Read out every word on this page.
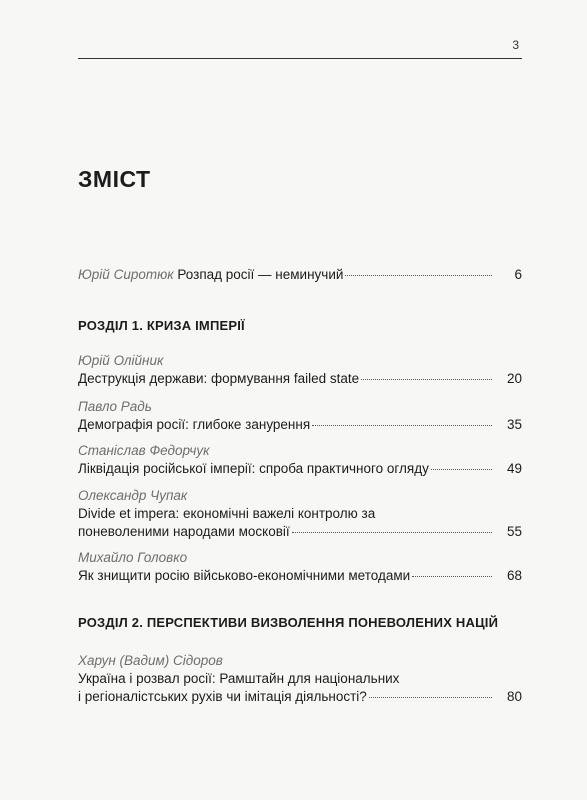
3
ЗМІСТ
Юрій Сиротюк Розпад росії — неминучий	6
РОЗДІЛ 1. КРИЗА ІМПЕРІЇ
Юрій Олійник
Деструкція держави: формування failed state	20
Павло Радь
Демографія росії: глибоке занурення	35
Станіслав Федорчук
Ліквідація російської імперії: спроба практичного огляду	49
Олександр Чупак
Divide et impera: економічні важелі контролю за
поневоленими народами московії	55
Михайло Головко
Як знищити росію військово-економічними методами	68
РОЗДІЛ 2. ПЕРСПЕКТИВИ ВИЗВОЛЕННЯ ПОНЕВОЛЕНИХ НАЦІЙ
Харун (Вадим) Сідоров
Україна і розвал росії: Рамштайн для національних
і регіоналістських рухів чи імітація діяльності?	80
